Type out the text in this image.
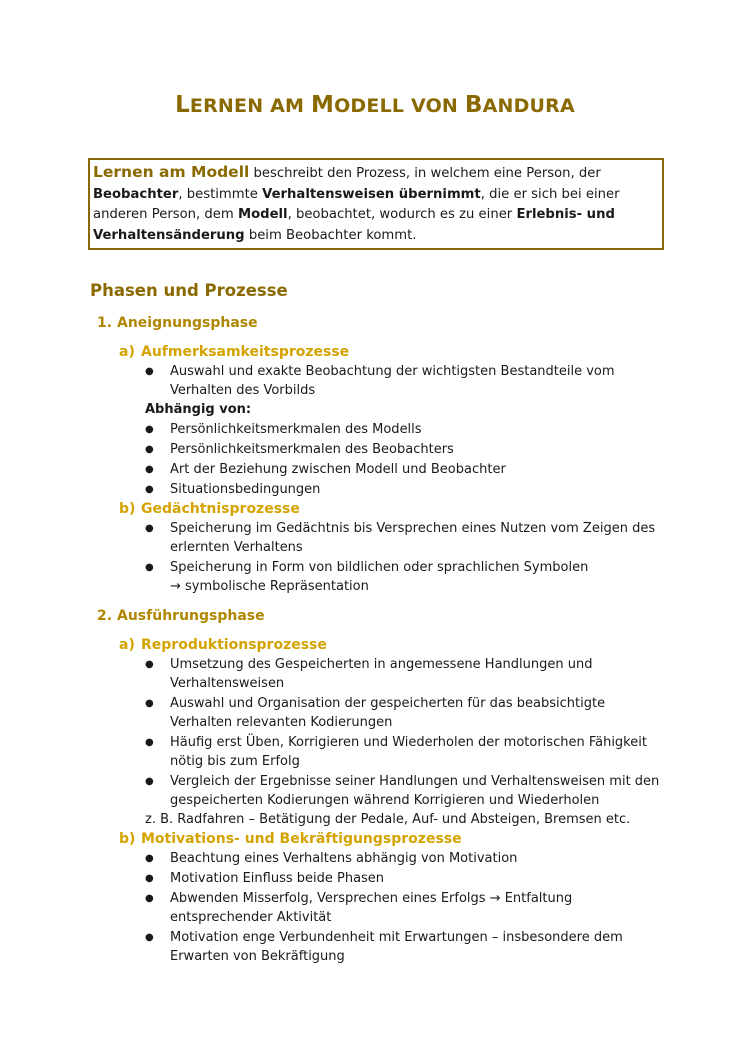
LERNEN AM MODELL VON BANDURA
Lernen am Modell beschreibt den Prozess, in welchem eine Person, der Beobachter, bestimmte Verhaltensweisen übernimmt, die er sich bei einer anderen Person, dem Modell, beobachtet, wodurch es zu einer Erlebnis- und Verhaltensänderung beim Beobachter kommt.
Phasen und Prozesse
1. Aneignungsphase
a) Aufmerksamkeitsprozesse
● Auswahl und exakte Beobachtung der wichtigsten Bestandteile vom Verhalten des Vorbilds
Abhängig von:
● Persönlichkeitsmerkmalen des Modells
● Persönlichkeitsmerkmalen des Beobachters
● Art der Beziehung zwischen Modell und Beobachter
● Situationsbedingungen
b) Gedächtnisprozesse
● Speicherung im Gedächtnis bis Versprechen eines Nutzen vom Zeigen des erlernten Verhaltens
● Speicherung in Form von bildlichen oder sprachlichen Symbolen
→ symbolische Repräsentation
2. Ausführungsphase
a) Reproduktionsprozesse
● Umsetzung des Gespeicherten in angemessene Handlungen und Verhaltensweisen
● Auswahl und Organisation der gespeicherten für das beabsichtigte Verhalten relevanten Kodierungen
● Häufig erst Üben, Korrigieren und Wiederholen der motorischen Fähigkeit nötig bis zum Erfolg
● Vergleich der Ergebnisse seiner Handlungen und Verhaltensweisen mit den gespeicherten Kodierungen während Korrigieren und Wiederholen
z. B. Radfahren – Betätigung der Pedale, Auf- und Absteigen, Bremsen etc.
b) Motivations- und Bekräftigungsprozesse
● Beachtung eines Verhaltens abhängig von Motivation
● Motivation Einfluss beide Phasen
● Abwenden Misserfolg, Versprechen eines Erfolgs → Entfaltung entsprechender Aktivität
● Motivation enge Verbundenheit mit Erwartungen – insbesondere dem Erwarten von Bekräftigung
